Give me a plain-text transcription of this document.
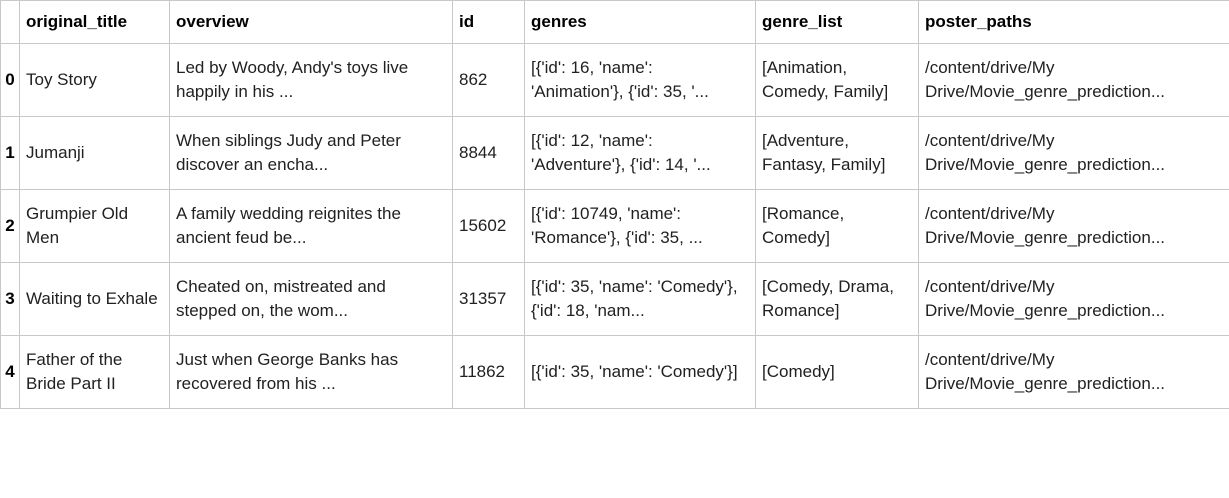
	original_title	overview	id	genres	genre_list	poster_paths
0	Toy Story	Led by Woody, Andy's toys live happily in his ...	862	[{'id': 16, 'name': 'Animation'}, {'id': 35, '...	[Animation, Comedy, Family]	/content/drive/My Drive/Movie_genre_prediction...

1	Jumanji	When siblings Judy and Peter discover an encha...	8844	[{'id': 12, 'name': 'Adventure'}, {'id': 14, '...	[Adventure, Fantasy, Family]	/content/drive/My Drive/Movie_genre_prediction...

2	Grumpier Old Men	A family wedding reignites the ancient feud be...	15602	[{'id': 10749, 'name': 'Romance'}, {'id': 35, ...	[Romance, Comedy]	/content/drive/My Drive/Movie_genre_prediction...

3	Waiting to Exhale	Cheated on, mistreated and stepped on, the wom...	31357	[{'id': 35, 'name': 'Comedy'}, {'id': 18, 'nam...	[Comedy, Drama, Romance]	/content/drive/My Drive/Movie_genre_prediction...

4	Father of the Bride Part II	Just when George Banks has recovered from his ...	11862	[{'id': 35, 'name': 'Comedy'}]	[Comedy]	/content/drive/My Drive/Movie_genre_prediction...
